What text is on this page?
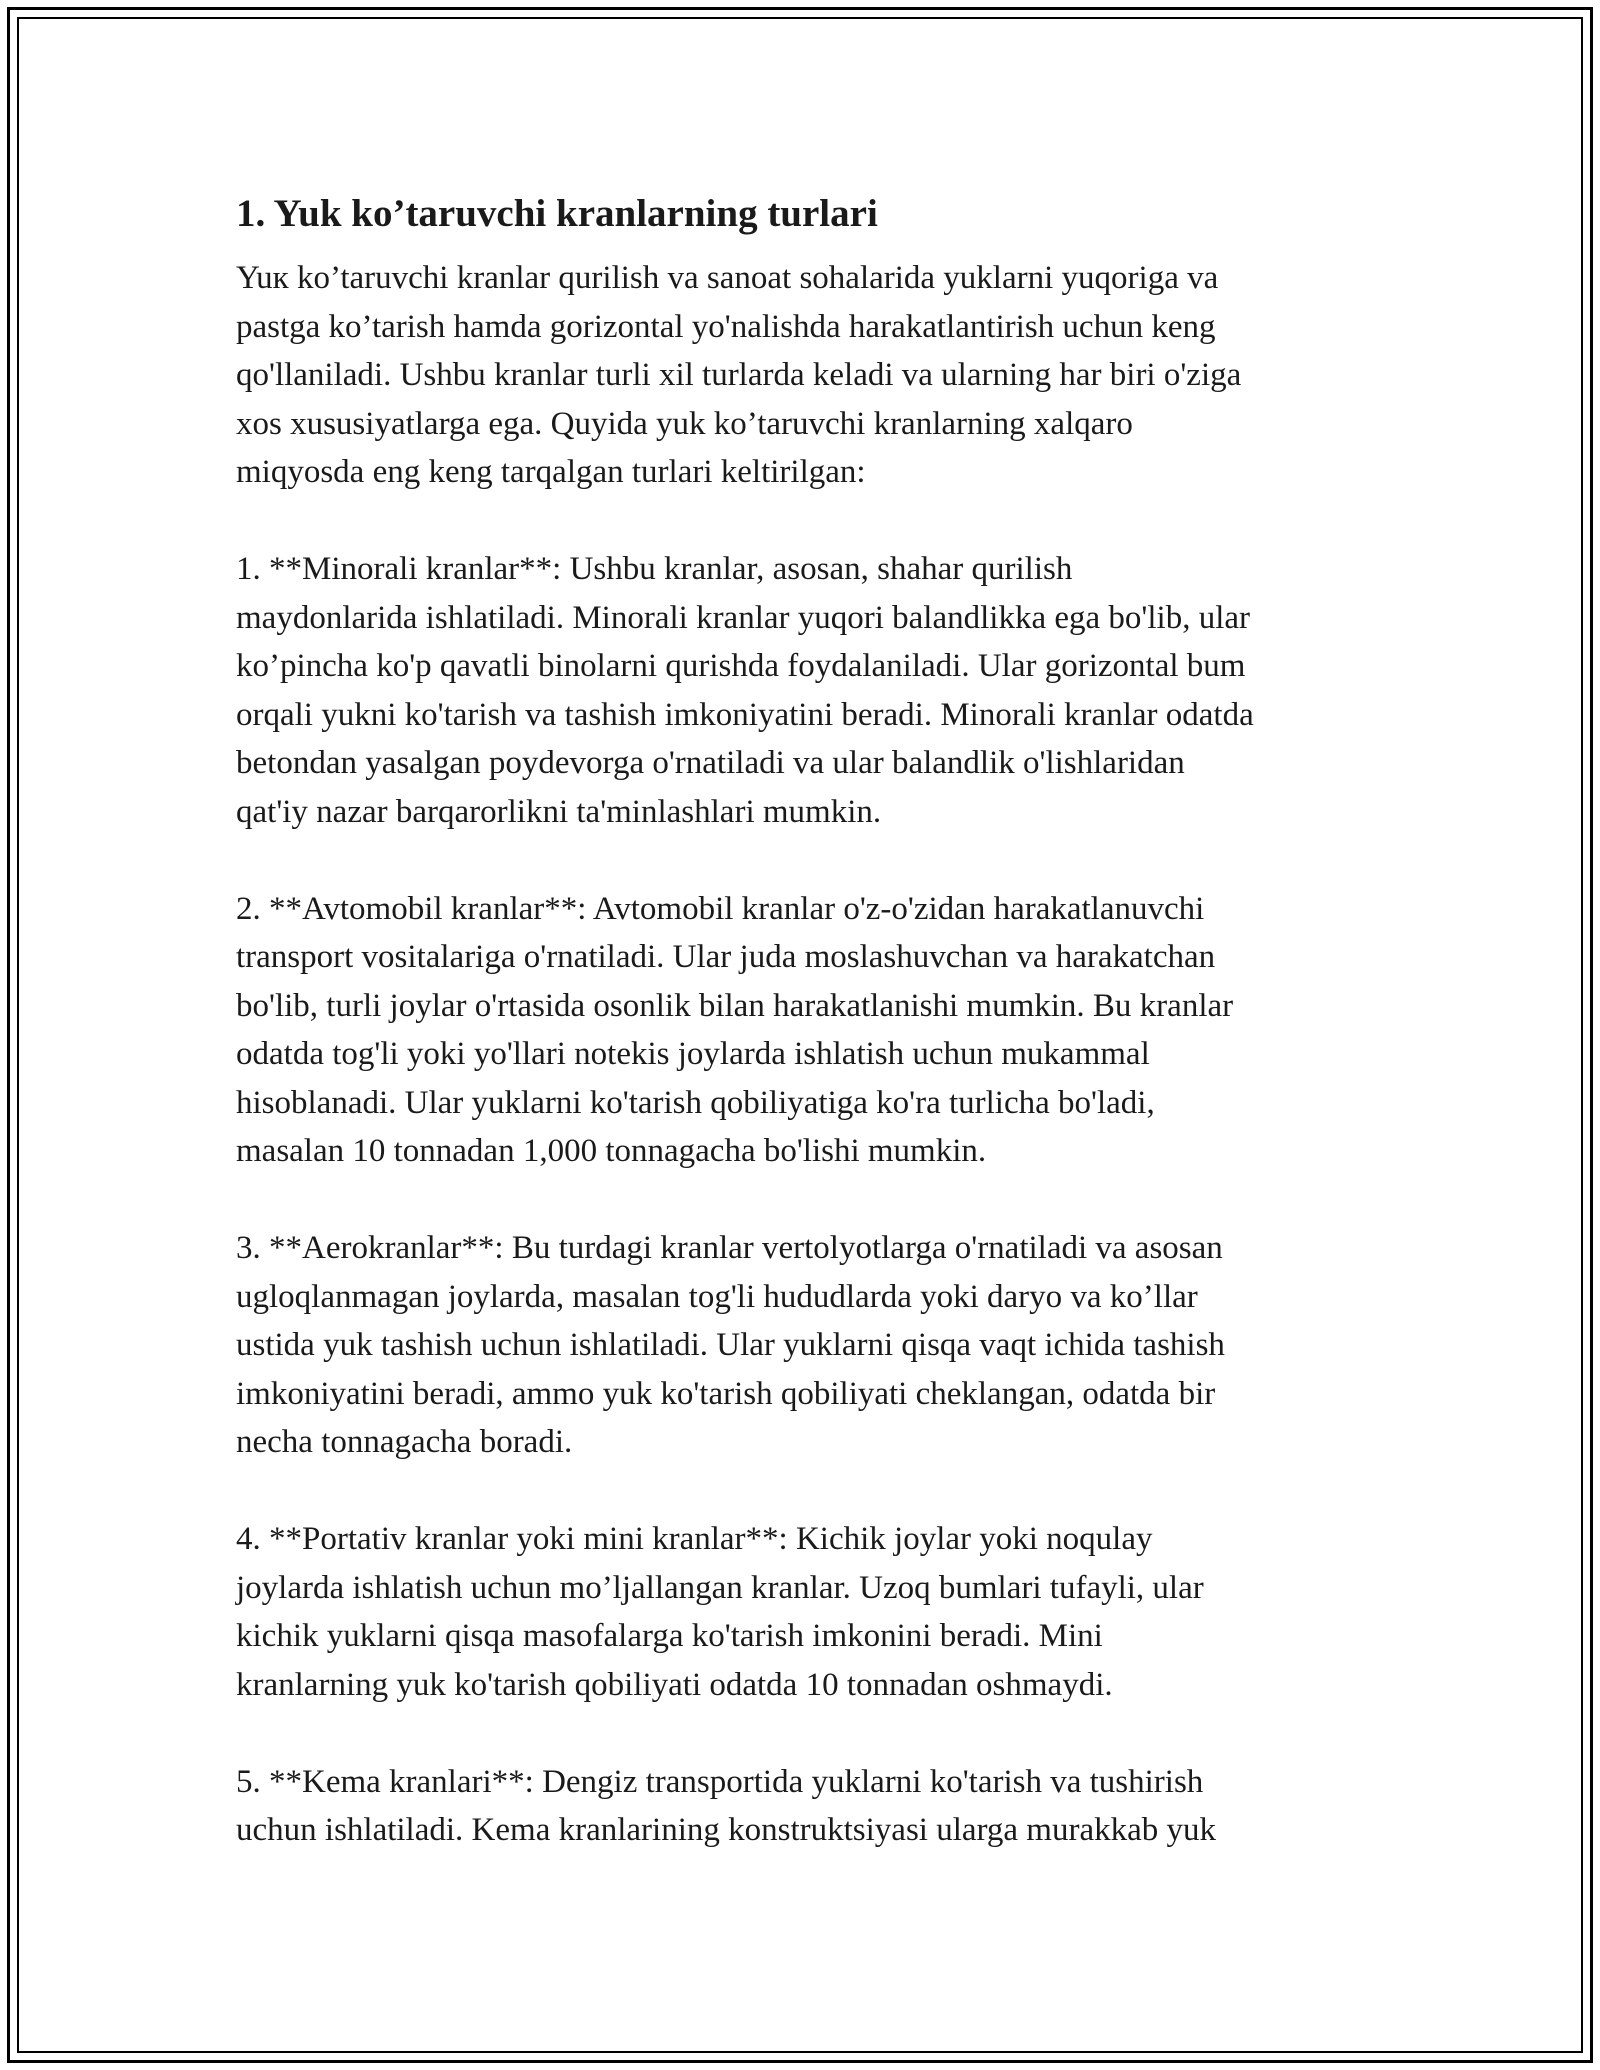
1. Yuk ko’taruvchi kranlarning turlari

Yuк ko’taruvchi kranlar qurilish va sanoat sohalarida yuklarni yuqoriga va
pastga ko’tarish hamda gorizontal yo'nalishda harakatlantirish uchun keng
qo'llaniladi. Ushbu kranlar turli xil turlarda keladi va ularning har biri o'ziga
xos xususiyatlarga ega. Quyida yuk ko’taruvchi kranlarning xalqaro
miqyosda eng keng tarqalgan turlari keltirilgan:

1. **Minorali kranlar**: Ushbu kranlar, asosan, shahar qurilish
maydonlarida ishlatiladi. Minorali kranlar yuqori balandlikka ega bo'lib, ular
ko’pincha ko'p qavatli binolarni qurishda foydalaniladi. Ular gorizontal bum
orqali yukni ko'tarish va tashish imkoniyatini beradi. Minorali kranlar odatda
betondan yasalgan poydevorga o'rnatiladi va ular balandlik o'lishlaridan
qat'iy nazar barqarorlikni ta'minlashlari mumkin.

2. **Avtomobil kranlar**: Avtomobil kranlar o'z-o'zidan harakatlanuvchi
transport vositalariga o'rnatiladi. Ular juda moslashuvchan va harakatchan
bo'lib, turli joylar o'rtasida osonlik bilan harakatlanishi mumkin. Bu kranlar
odatda tog'li yoki yo'llari notekis joylarda ishlatish uchun mukammal
hisoblanadi. Ular yuklarni ko'tarish qobiliyatiga ko'ra turlicha bo'ladi,
masalan 10 tonnadan 1,000 tonnagacha bo'lishi mumkin.

3. **Aerokranlar**: Bu turdagi kranlar vertolyotlarga o'rnatiladi va asosan
ugloqlanmagan joylarda, masalan tog'li hududlarda yoki daryo va ko’llar
ustida yuk tashish uchun ishlatiladi. Ular yuklarni qisqa vaqt ichida tashish
imkoniyatini beradi, ammo yuk ko'tarish qobiliyati cheklangan, odatda bir
necha tonnagacha boradi.

4. **Portativ kranlar yoki mini kranlar**: Kichik joylar yoki noqulay
joylarda ishlatish uchun mo’ljallangan kranlar. Uzoq bumlari tufayli, ular
kichik yuklarni qisqa masofalarga ko'tarish imkonini beradi. Mini
kranlarning yuk ko'tarish qobiliyati odatda 10 tonnadan oshmaydi.

5. **Kema kranlari**: Dengiz transportida yuklarni ko'tarish va tushirish
uchun ishlatiladi. Kema kranlarining konstruktsiyasi ularga murakkab yuk
